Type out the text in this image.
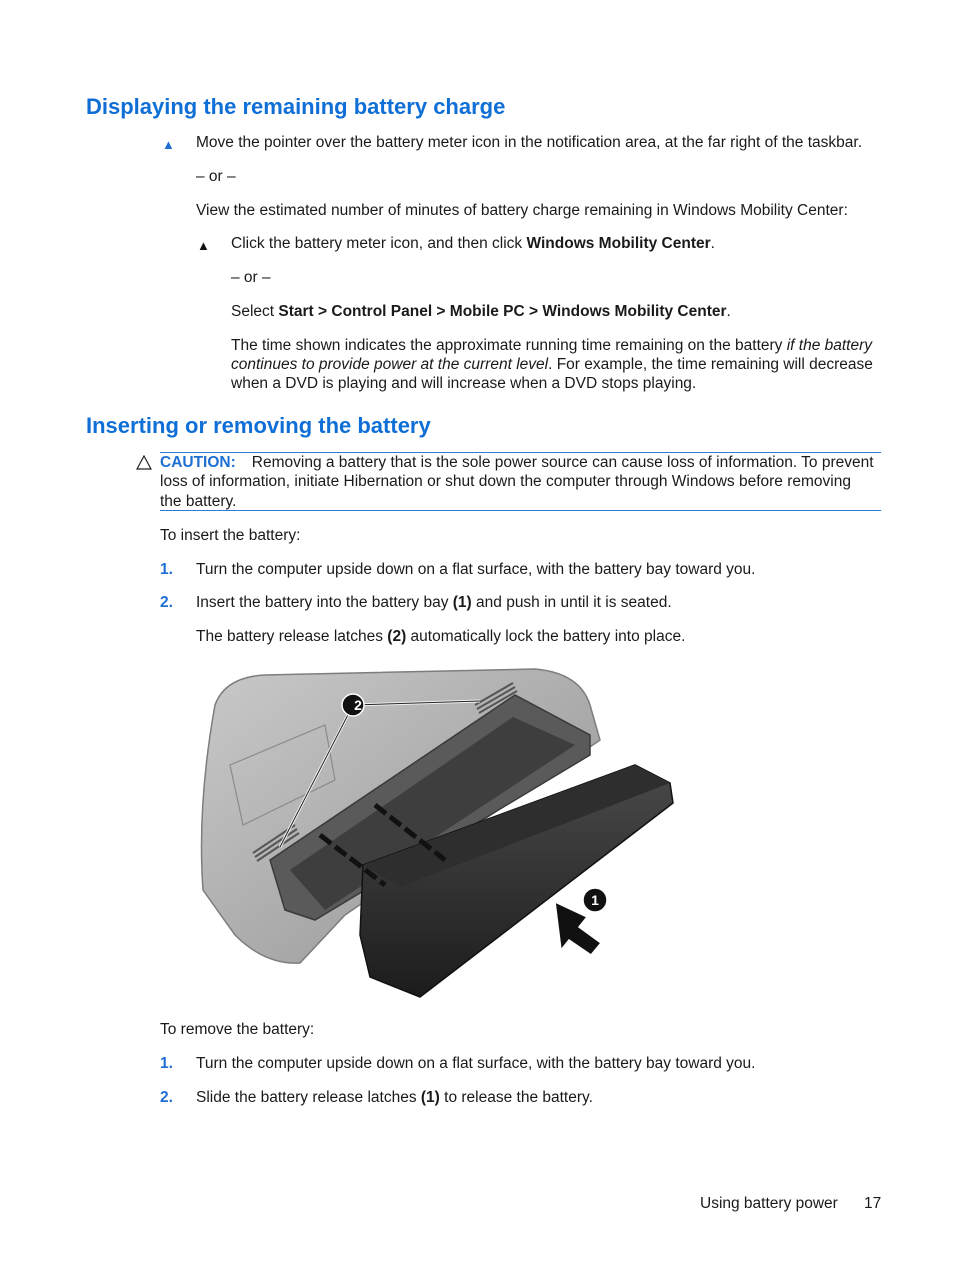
Displaying the remaining battery charge
▲ Move the pointer over the battery meter icon in the notification area, at the far right of the taskbar.
– or –
View the estimated number of minutes of battery charge remaining in Windows Mobility Center:
▲ Click the battery meter icon, and then click Windows Mobility Center.
– or –
Select Start > Control Panel > Mobile PC > Windows Mobility Center.
The time shown indicates the approximate running time remaining on the battery if the battery
continues to provide power at the current level. For example, the time remaining will decrease
when a DVD is playing and will increase when a DVD stops playing.
Inserting or removing the battery
CAUTION: Removing a battery that is the sole power source can cause loss of information. To prevent
loss of information, initiate Hibernation or shut down the computer through Windows before removing
the battery.
To insert the battery:
1. Turn the computer upside down on a flat surface, with the battery bay toward you.
2. Insert the battery into the battery bay (1) and push in until it is seated.
The battery release latches (2) automatically lock the battery into place.
2
1
To remove the battery:
1. Turn the computer upside down on a flat surface, with the battery bay toward you.
2. Slide the battery release latches (1) to release the battery.
Using battery power 17
